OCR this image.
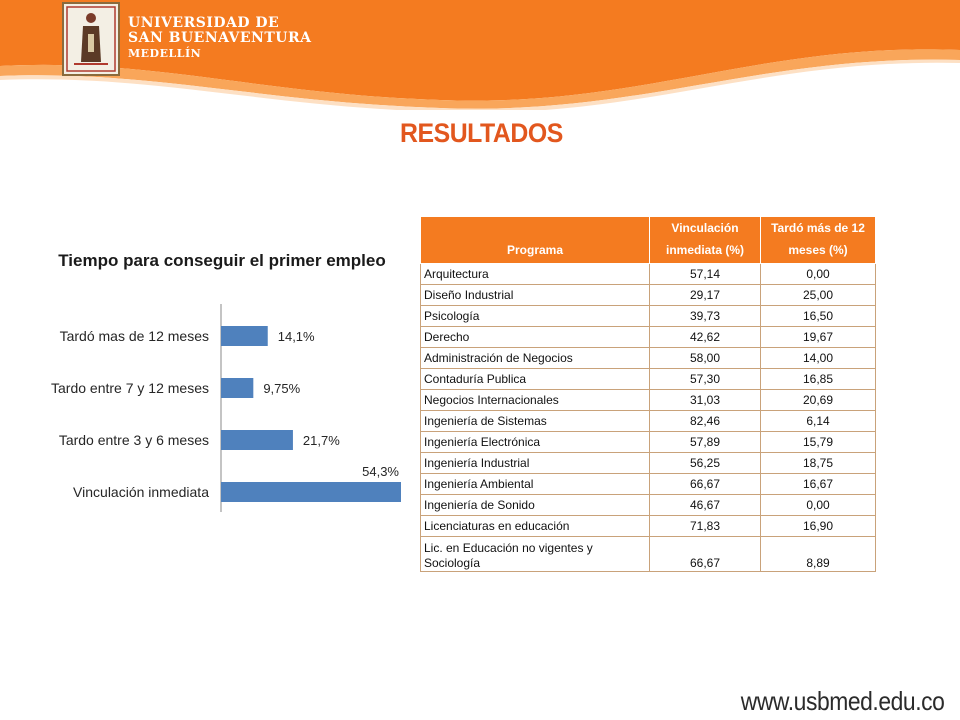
UNIVERSIDAD DE
SAN BUENAVENTURA
MEDELLÍN
RESULTADOS
Tiempo para conseguir el primer empleo
Tardó mas de 12 meses	14,1%
Tardo entre 7 y 12 meses	9,75%
Tardo entre 3 y 6 meses	21,7%
Vinculación inmediata
54,3%
Programa	Vinculación inmediata (%)	Tardó más de 12 meses (%)
Arquitectura	57,14	0,00
Diseño Industrial	29,17	25,00
Psicología	39,73	16,50
Derecho	42,62	19,67
Administración de Negocios	58,00	14,00
Contaduría Publica	57,30	16,85
Negocios Internacionales	31,03	20,69
Ingeniería de Sistemas	82,46	6,14
Ingeniería Electrónica	57,89	15,79
Ingeniería Industrial	56,25	18,75
Ingeniería Ambiental	66,67	16,67
Ingeniería de Sonido	46,67	0,00
Licenciaturas en educación	71,83	16,90
Lic. en Educación no vigentes y Sociología	66,67	8,89
www.usbmed.edu.co
